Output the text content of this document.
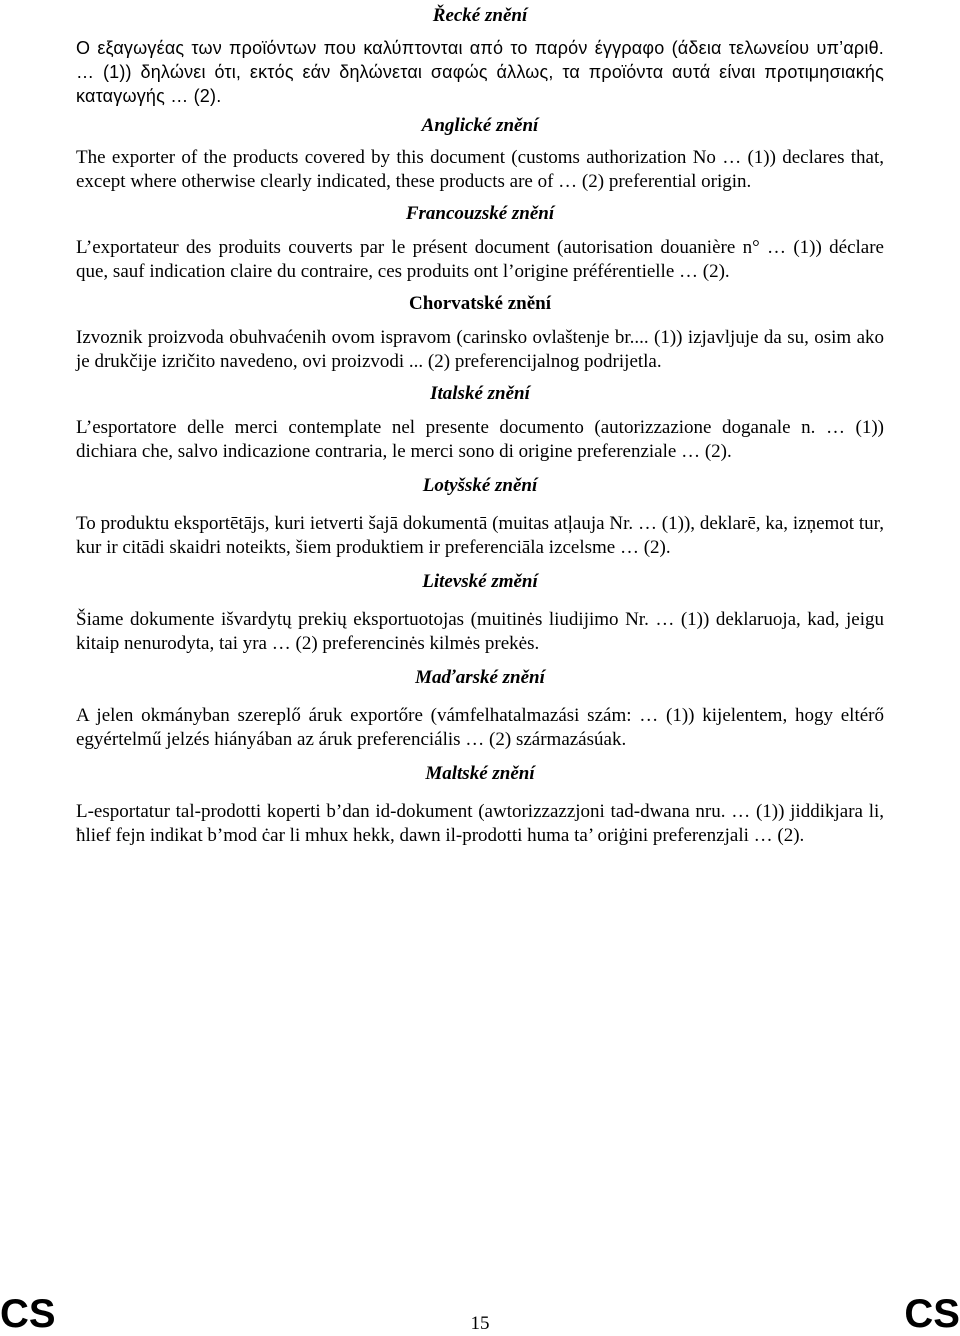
Řecké znění

Ο εξαγωγέας των προϊόντων που καλύπτονται από το παρόν έγγραφο (άδεια τελωνείου υπ’αριθ. … (1)) δηλώνει ότι, εκτός εάν δηλώνεται σαφώς άλλως, τα προϊόντα αυτά είναι προτιμησιακής καταγωγής … (2).

Anglické znění

The exporter of the products covered by this document (customs authorization No … (1)) declares that, except where otherwise clearly indicated, these products are of … (2) preferential origin.

Francouzské znění

L’exportateur des produits couverts par le présent document (autorisation douanière n° … (1)) déclare que, sauf indication claire du contraire, ces produits ont l’origine préférentielle … (2).

Chorvatské znění

Izvoznik proizvoda obuhvaćenih ovom ispravom (carinsko ovlaštenje br.... (1)) izjavljuje da su, osim ako je drukčije izričito navedeno, ovi proizvodi ... (2) preferencijalnog podrijetla.

Italské znění

L’esportatore delle merci contemplate nel presente documento (autorizzazione doganale n. … (1)) dichiara che, salvo indicazione contraria, le merci sono di origine preferenziale … (2).

Lotyšské znění

To produktu eksportētājs, kuri ietverti šajā dokumentā (muitas atļauja Nr. … (1)), deklarē, ka, izņemot tur, kur ir citādi skaidri noteikts, šiem produktiem ir preferenciāla izcelsme … (2).

Litevské změní

Šiame dokumente išvardytų prekių eksportuotojas (muitinės liudijimo Nr. … (1)) deklaruoja, kad, jeigu kitaip nenurodyta, tai yra … (2) preferencinės kilmės prekės.

Maďarské znění

A jelen okmányban szereplő áruk exportőre (vámfelhatalmazási szám: … (1)) kijelentem, hogy eltérő egyértelmű jelzés hiányában az áruk preferenciális … (2) származásúak.

Maltské znění

L-esportatur tal-prodotti koperti b’dan id-dokument (awtorizzazzjoni tad-dwana nru. … (1)) jiddikjara li, ħlief fejn indikat b’mod ċar li mhux hekk, dawn il-prodotti huma ta’ oriġini preferenzjali … (2).

CS	15	CS
